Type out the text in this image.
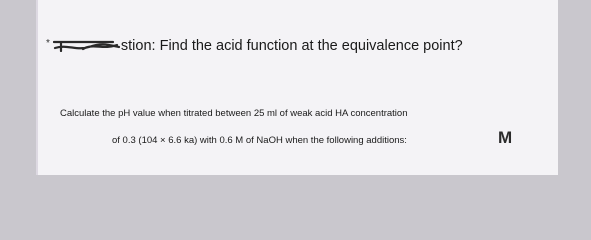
*	stion: Find the acid function at the equivalence point?
Calculate the pH value when titrated between 25 ml of weak acid HA concentration
of 0.3 (104 × 6.6 ka) with 0.6 M of NaOH when the following additions:	M
